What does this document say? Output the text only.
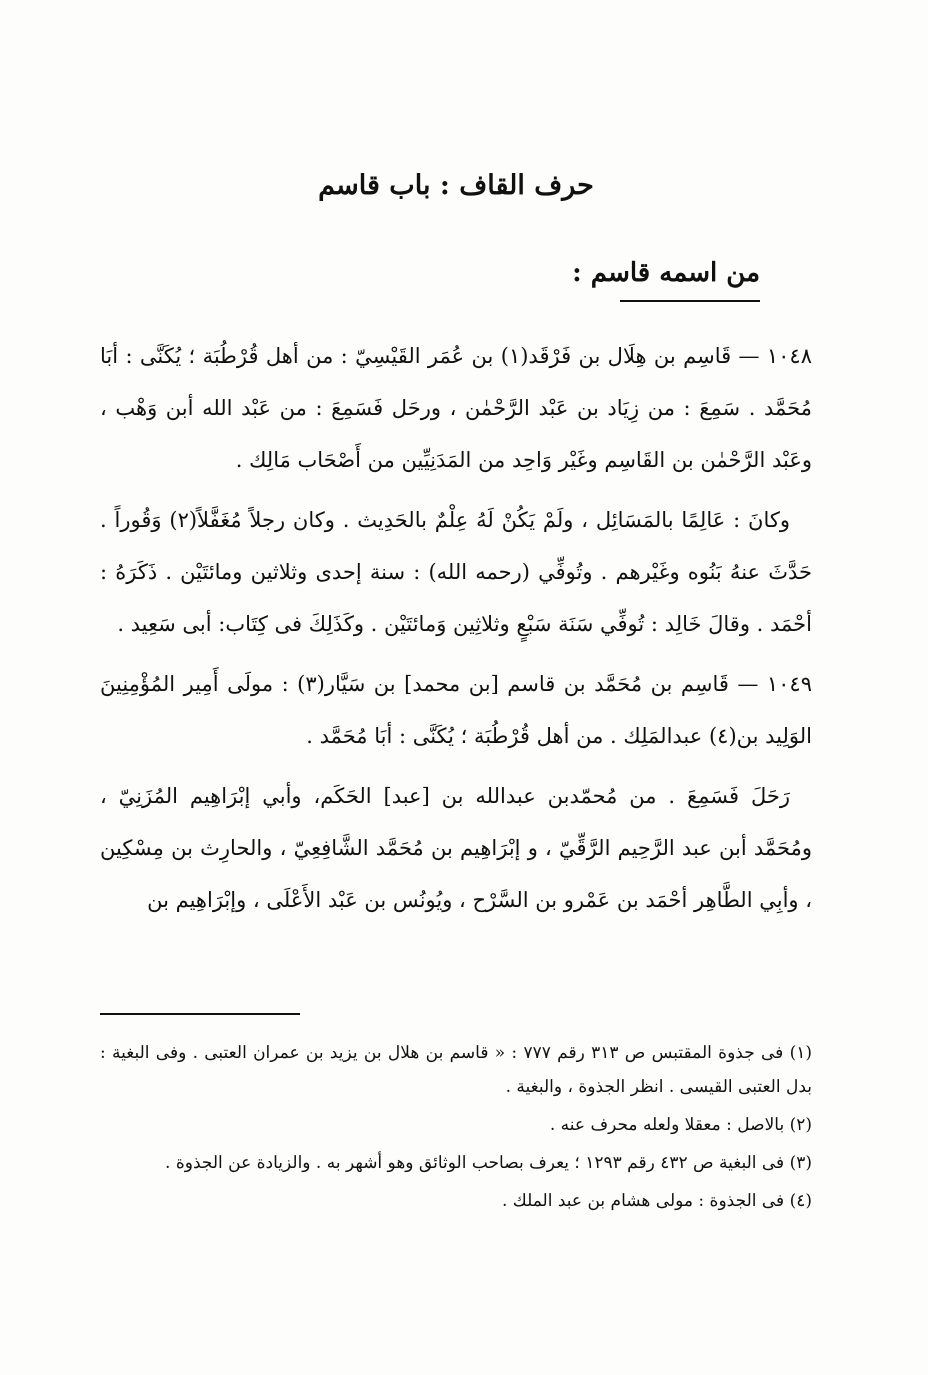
حرف القاف : باب قاسم
من اسمه قاسم :

١٠٤٨ — قَاسِم بن هِلَال بن فَرْقَد(١) بن عُمَر القَيْسِيّ : من أهل قُرْطُبَة ؛ يُكَنَّى : أبَا مُحَمَّد . سَمِعَ : من زِيَاد بن عَبْد الرَّحْمٰن ، ورحَل فَسَمِعَ : من عَبْد الله أبن وَهْب ، وعَبْد الرَّحْمٰن بن القَاسِم وغَيْر وَاحِد من المَدَنِيِّين من أَصْحَاب مَالِك .

وكانَ : عَالِمًا بالمَسَائِل ، ولَمْ يَكُنْ لَهُ عِلْمٌ بالحَدِيث . وكان رجلاً مُغَفَّلاً(٢) وَقُوراً . حَدَّثَ عنهُ بَنُوه وغَيْرهم . وتُوفِّي (رحمه الله) : سنة إحدى وثلاثين ومائتَيْن . ذَكَرَهُ : أحْمَد . وقالَ خَالِد : تُوفِّي سَنَة سَبْعٍ وثلاثِين وَمائتَيْن . وكَذَلِكَ فى كِتَاب: أبى سَعِيد .

١٠٤٩ — قَاسِم بن مُحَمَّد بن قاسم [بن محمد] بن سَيَّار(٣) : مولَى أَمِير المُؤْمِنِينَ الوَلِيد بن(٤) عبدالمَلِك . من أهل قُرْطُبَة ؛ يُكَنَّى : أبَا مُحَمَّد .

رَحَلَ فَسَمِعَ . من مُحمّدبن عبدالله بن [عبد] الحَكَم، وأبي إبْرَاهِيم المُزَنِيّ ، ومُحَمَّد أبن عبد الرَّحِيم الرَّقِّيّ ، و إبْرَاهِيم بن مُحَمَّد الشَّافِعِيّ ، والحارِث بن مِسْكِين ، وأبِي الطَّاهِر أحْمَد بن عَمْرو بن السَّرْح ، ويُونُس بن عَبْد الأَعْلَى ، وإبْرَاهِيم بن

(١) فى جذوة المقتبس ص ٣١٣ رقم ٧٧٧ : « قاسم بن هلال بن يزيد بن عمران العتبى . وفى البغية : بدل العتبى القيسى . انظر الجذوة ، والبغية .

(٢) بالاصل : معقلا ولعله محرف عنه .

(٣) فى البغية ص ٤٣٢ رقم ١٢٩٣ ؛ يعرف بصاحب الوثائق وهو أشهر به . والزيادة عن الجذوة .

(٤) فى الجذوة : مولى هشام بن عبد الملك .
